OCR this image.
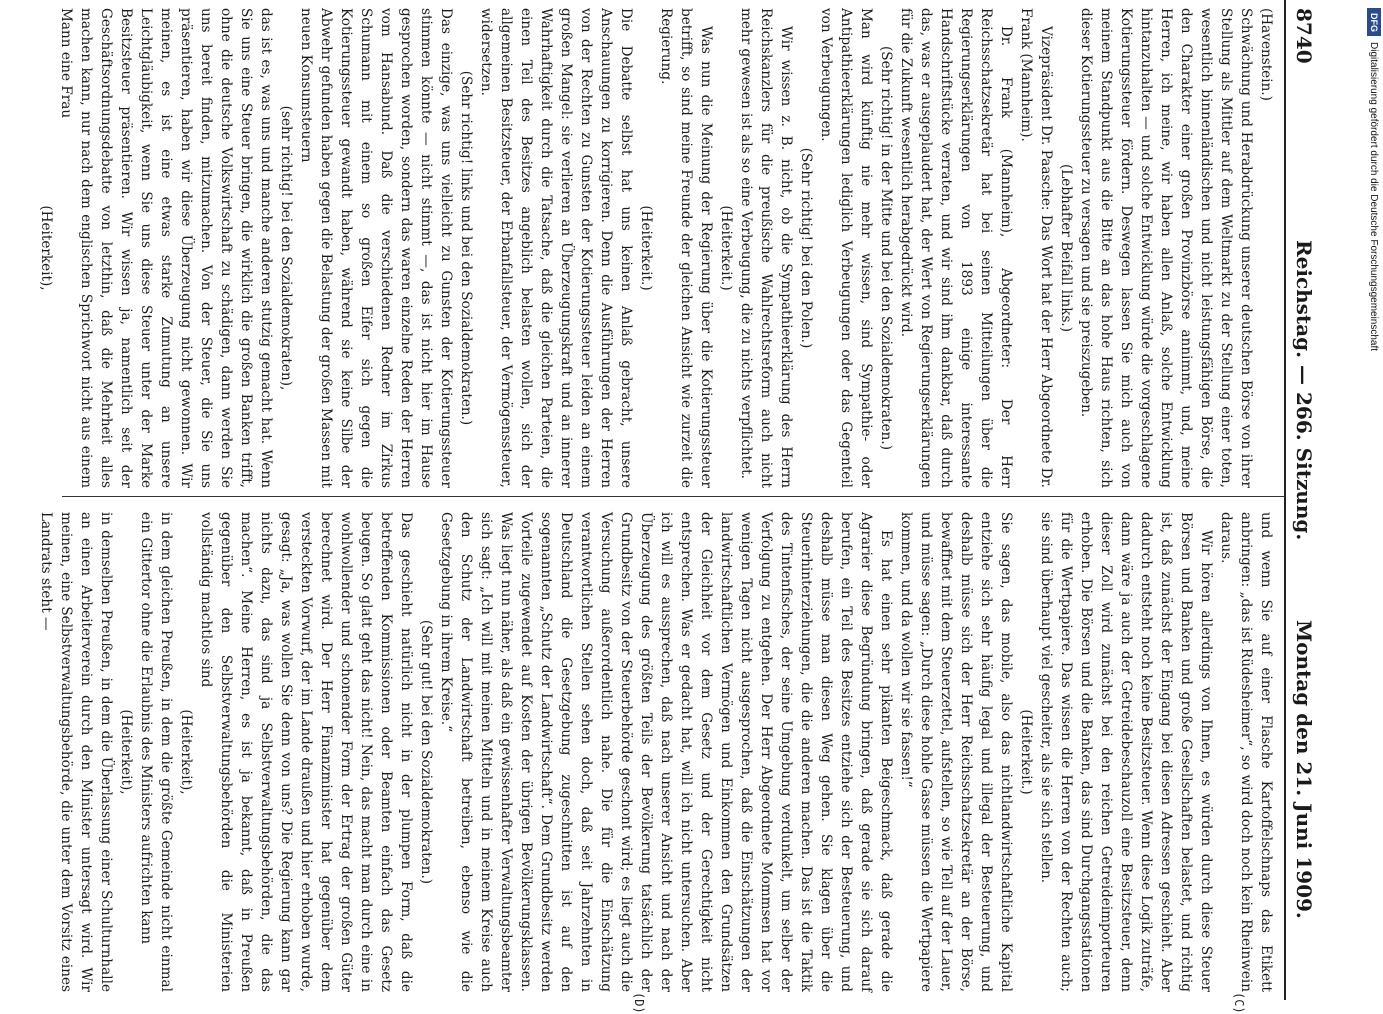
8740
Reichstag. — 266. Sitzung.
Montag den 21. Juni 1909.

(Havenstein.)

Schwächung und Herabdrückung unserer deutschen Börse von ihrer Stellung als Mittler auf dem Weltmarkt zu der Stellung einer toten, wesentlich binnenländischen und nicht leistungsfähigen Börse, die den Charakter einer großen Provinzbörse annimmt, und, meine Herren, ich meine, wir haben allen Anlaß, solche Entwicklung hintanzuhalten — und solche Entwicklung würde die vorgeschlagene Kotierungssteuer fördern. Deswegen lassen Sie mich auch von meinem Standpunkt aus die Bitte an das hohe Haus richten, sich dieser Kotierungssteuer zu versagen und sie preiszugeben.

(Lebhafter Beifall links.)

Vizepräsident Dr. Paasche: Das Wort hat der Herr Abgeordnete Dr. Frank (Mannheim).

Dr. Frank (Mannheim), Abgeordneter: Der Herr Reichsschatzsekretär hat bei seinen Mitteilungen über die Regierungserklärungen von 1893 einige interessante Handschriftstücke verraten, und wir sind ihm dankbar, daß durch das, was er ausgeplaudert hat, der Wert von Regierungserklärungen für die Zukunft wesentlich herabgedrückt wird.

(Sehr richtig! in der Mitte und bei den Sozialdemokraten.)

Man wird künftig nie mehr wissen, sind Sympathie- oder Antipathieerklärungen lediglich Verbeugungen oder das Gegenteil von Verbeugungen.

(Sehr richtig! bei den Polen.)

Wir wissen z. B. nicht, ob die Sympathieerklärung des Herrn Reichskanzlers für die preußische Wahlrechtsreform auch nicht mehr gewesen ist als so eine Verbeugung, die zu nichts verpflichtet.

(Heiterkeit.)

Was nun die Meinung der Regierung über die Kotierungssteuer betrifft, so sind meine Freunde der gleichen Ansicht wie zurzeit die Regierung.

(Heiterkeit.)

Die Debatte selbst hat uns keinen Anlaß gebracht, unsere Anschauungen zu korrigieren. Denn die Ausführungen der Herren von der Rechten zu Gunsten der Kotierungssteuer leiden an einem großen Mangel: sie verlieren an Überzeugungskraft und an innerer Wahrhaftigkeit durch die Tatsache, daß die gleichen Parteien, die einen Teil des Besitzes angeblich belasten wollen, sich der allgemeinen Besitzsteuer, der Erbanfallsteuer, der Vermögenssteuer, widersetzen.

(Sehr richtig! links und bei den Sozialdemokraten.)

Das einzige, was uns vielleicht zu Gunsten der Kotierungssteuer stimmen könnte — nicht stimmt —, das ist nicht hier im Hause gesprochen worden, sondern das waren einzelne Reden der Herren vom Hansabund. Daß die verschiedenen Redner im Zirkus Schumann mit einem so großen Eifer sich gegen die Kotierungssteuer gewandt haben, während sie keine Silbe der Abwehr gefunden haben gegen die Belastung der großen Massen mit neuen Konsumsteuern

(sehr richtig! bei den Sozialdemokraten),

das ist es, was uns und manche anderen stutzig gemacht hat. Wenn Sie uns eine Steuer bringen, die wirklich die großen Banken trifft, ohne die deutsche Volkswirtschaft zu schädigen, dann werden Sie uns bereit finden, mitzumachen. Von der Steuer, die Sie uns präsentieren, haben wir diese Überzeugung nicht gewonnen. Wir meinen, es ist eine etwas starke Zumutung an unsere Leichtgläubigkeit, wenn Sie uns diese Steuer unter der Marke Besitzsteuer präsentieren. Wir wissen ja, namentlich seit der Geschäftsordnungsdebatte von letzthin, daß die Mehrheit alles machen kann, nur nach dem englischen Sprichwort nicht aus einem Mann eine Frau

(Heiterkeit),

und wenn Sie auf einer Flasche Kartoffelschnaps das Etikett anbringen: „das ist Rüdesheimer“, so wird doch noch kein Rheinwein daraus.

Wir hören allerdings von Ihnen, es würden durch diese Steuer Börsen und Banken und große Gesellschaften belastet, und richtig ist, daß zunächst der Eingang bei diesen Adressen geschieht. Aber dadurch entsteht noch keine Besitzsteuer. Wenn diese Logik zuträfe, dann wäre ja auch der Getreidebeschauzoll eine Besitzsteuer, denn dieser Zoll wird zunächst bei den reichen Getreideimporteuren erhoben. Die Börsen und die Banken, das sind Durchgangsstationen für die Wertpapiere. Das wissen die Herren von der Rechten auch; sie sind überhaupt viel gescheiter, als sie sich stellen.

(Heiterkeit.)

Sie sagen, das mobile, also das nichtlandwirtschaftliche Kapital entziehe sich sehr häufig legal und illegal der Besteuerung, und deshalb müsse sich der Herr Reichsschatzsekretär an der Börse, bewaffnet mit dem Steuerzettel, aufstellen, so wie Tell auf der Lauer, und müsse sagen: „Durch diese hohle Gasse müssen die Wertpapiere kommen, und da wollen wir sie fassen!“

Es hat einen sehr pikanten Beigeschmack, daß gerade die Agrarier diese Begründung bringen, daß gerade sie sich darauf berufen, ein Teil des Besitzes entziehe sich der Besteuerung, und deshalb müsse man diesen Weg gehen. Sie klagen über die Steuerhinterziehungen, die die anderen machen. Das ist die Taktik des Tintenfisches, der seine Umgebung verdunkelt, um selber der Verfolgung zu entgehen. Der Herr Abgeordnete Mommsen hat vor wenigen Tagen nicht ausgesprochen, daß die Einschätzungen der landwirtschaftlichen Vermögen und Einkommen den Grundsätzen der Gleichheit vor dem Gesetz und der Gerechtigkeit nicht entsprechen. Was er gedacht hat, will ich nicht untersuchen. Aber ich will es aussprechen, daß nach unserer Ansicht und nach der Überzeugung des größten Teils der Bevölkerung tatsächlich der Grundbesitz von der Steuerbehörde geschont wird; es liegt auch die Versuchung außerordentlich nahe. Die für die Einschätzung verantwortlichen Stellen sehen doch, daß seit Jahrzehnten in Deutschland die Gesetzgebung zugeschnitten ist auf den sogenannten „Schutz der Landwirtschaft“. Dem Grundbesitz werden Vorteile zugewendet auf Kosten der übrigen Bevölkerungsklassen. Was liegt nun näher, als daß ein gewissenhafter Verwaltungsbeamter sich sagt: „Ich will mit meinen Mitteln und in meinem Kreise auch den Schutz der Landwirtschaft betreiben, ebenso wie die Gesetzgebung in ihrem Kreise.“

(Sehr gut! bei den Sozialdemokraten.)

Das geschieht natürlich nicht in der plumpen Form, daß die betreffenden Kommissionen oder Beamten einfach das Gesetz beugen. So glatt geht das nicht! Nein, das macht man durch eine in wohlwollender und schonender Form der Ertrag der großen Güter berechnet wird. Der Herr Finanzminister hat gegenüber dem versteckten Vorwurf, der im Lande draußen und hier erhoben wurde, gesagt: „Ja, was wollen Sie denn von uns? Die Regierung kann gar nichts dazu, das sind ja Selbstverwaltungsbehörden, die das machen“. Meine Herren, es ist ja bekannt, daß in Preußen gegenüber den Selbstverwaltungsbehörden die Ministerien vollständig machtlos sind

(Heiterkeit),

in dem gleichen Preußen, in dem die größte Gemeinde nicht einmal ein Gittertor ohne die Erlaubnis des Ministers aufrichten kann

(Heiterkeit),

in demselben Preußen, in dem die Überlassung einer Schulturnhalle an einen Arbeiterverein durch den Minister untersagt wird. Wir meinen, eine Selbstverwaltungsbehörde, die unter dem Vorsitz eines Landrats steht —

(C)
(D)
DFG
Digitalisierung gefördert durch die Deutsche Forschungsgemeinschaft
